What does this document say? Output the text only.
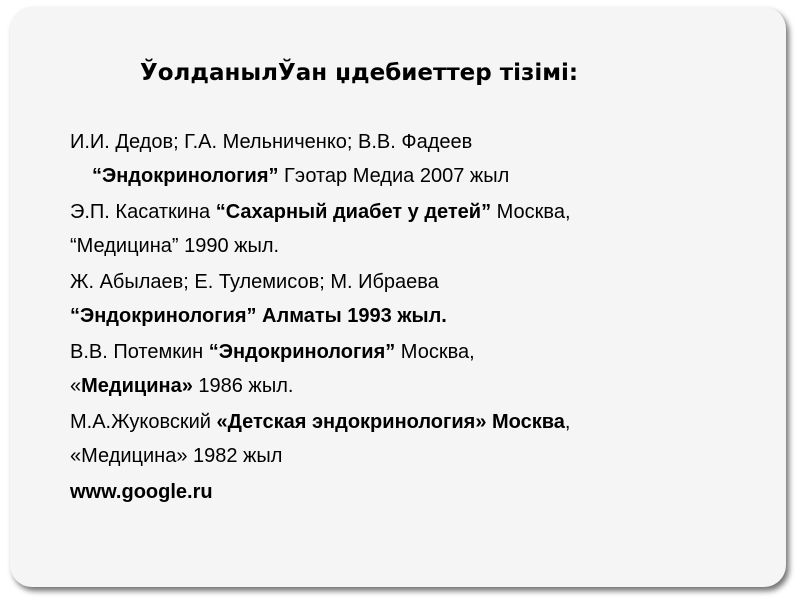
ЎолданылЎан џдебиеттер тізімі:
И.И. Дедов; Г.А. Мельниченко; В.В. Фадеев
“Эндокринология” Гэотар Медиа 2007 жыл
Э.П. Касаткина “Сахарный диабет у детей” Москва,
“Медицина” 1990 жыл.
Ж. Абылаев; Е. Тулемисов; М. Ибраева
“Эндокринология” Алматы 1993 жыл.
В.В. Потемкин “Эндокринология” Москва,
«Медицина» 1986 жыл.
М.А.Жуковский «Детская эндокринология» Москва,
«Медицина» 1982 жыл
www.google.ru
